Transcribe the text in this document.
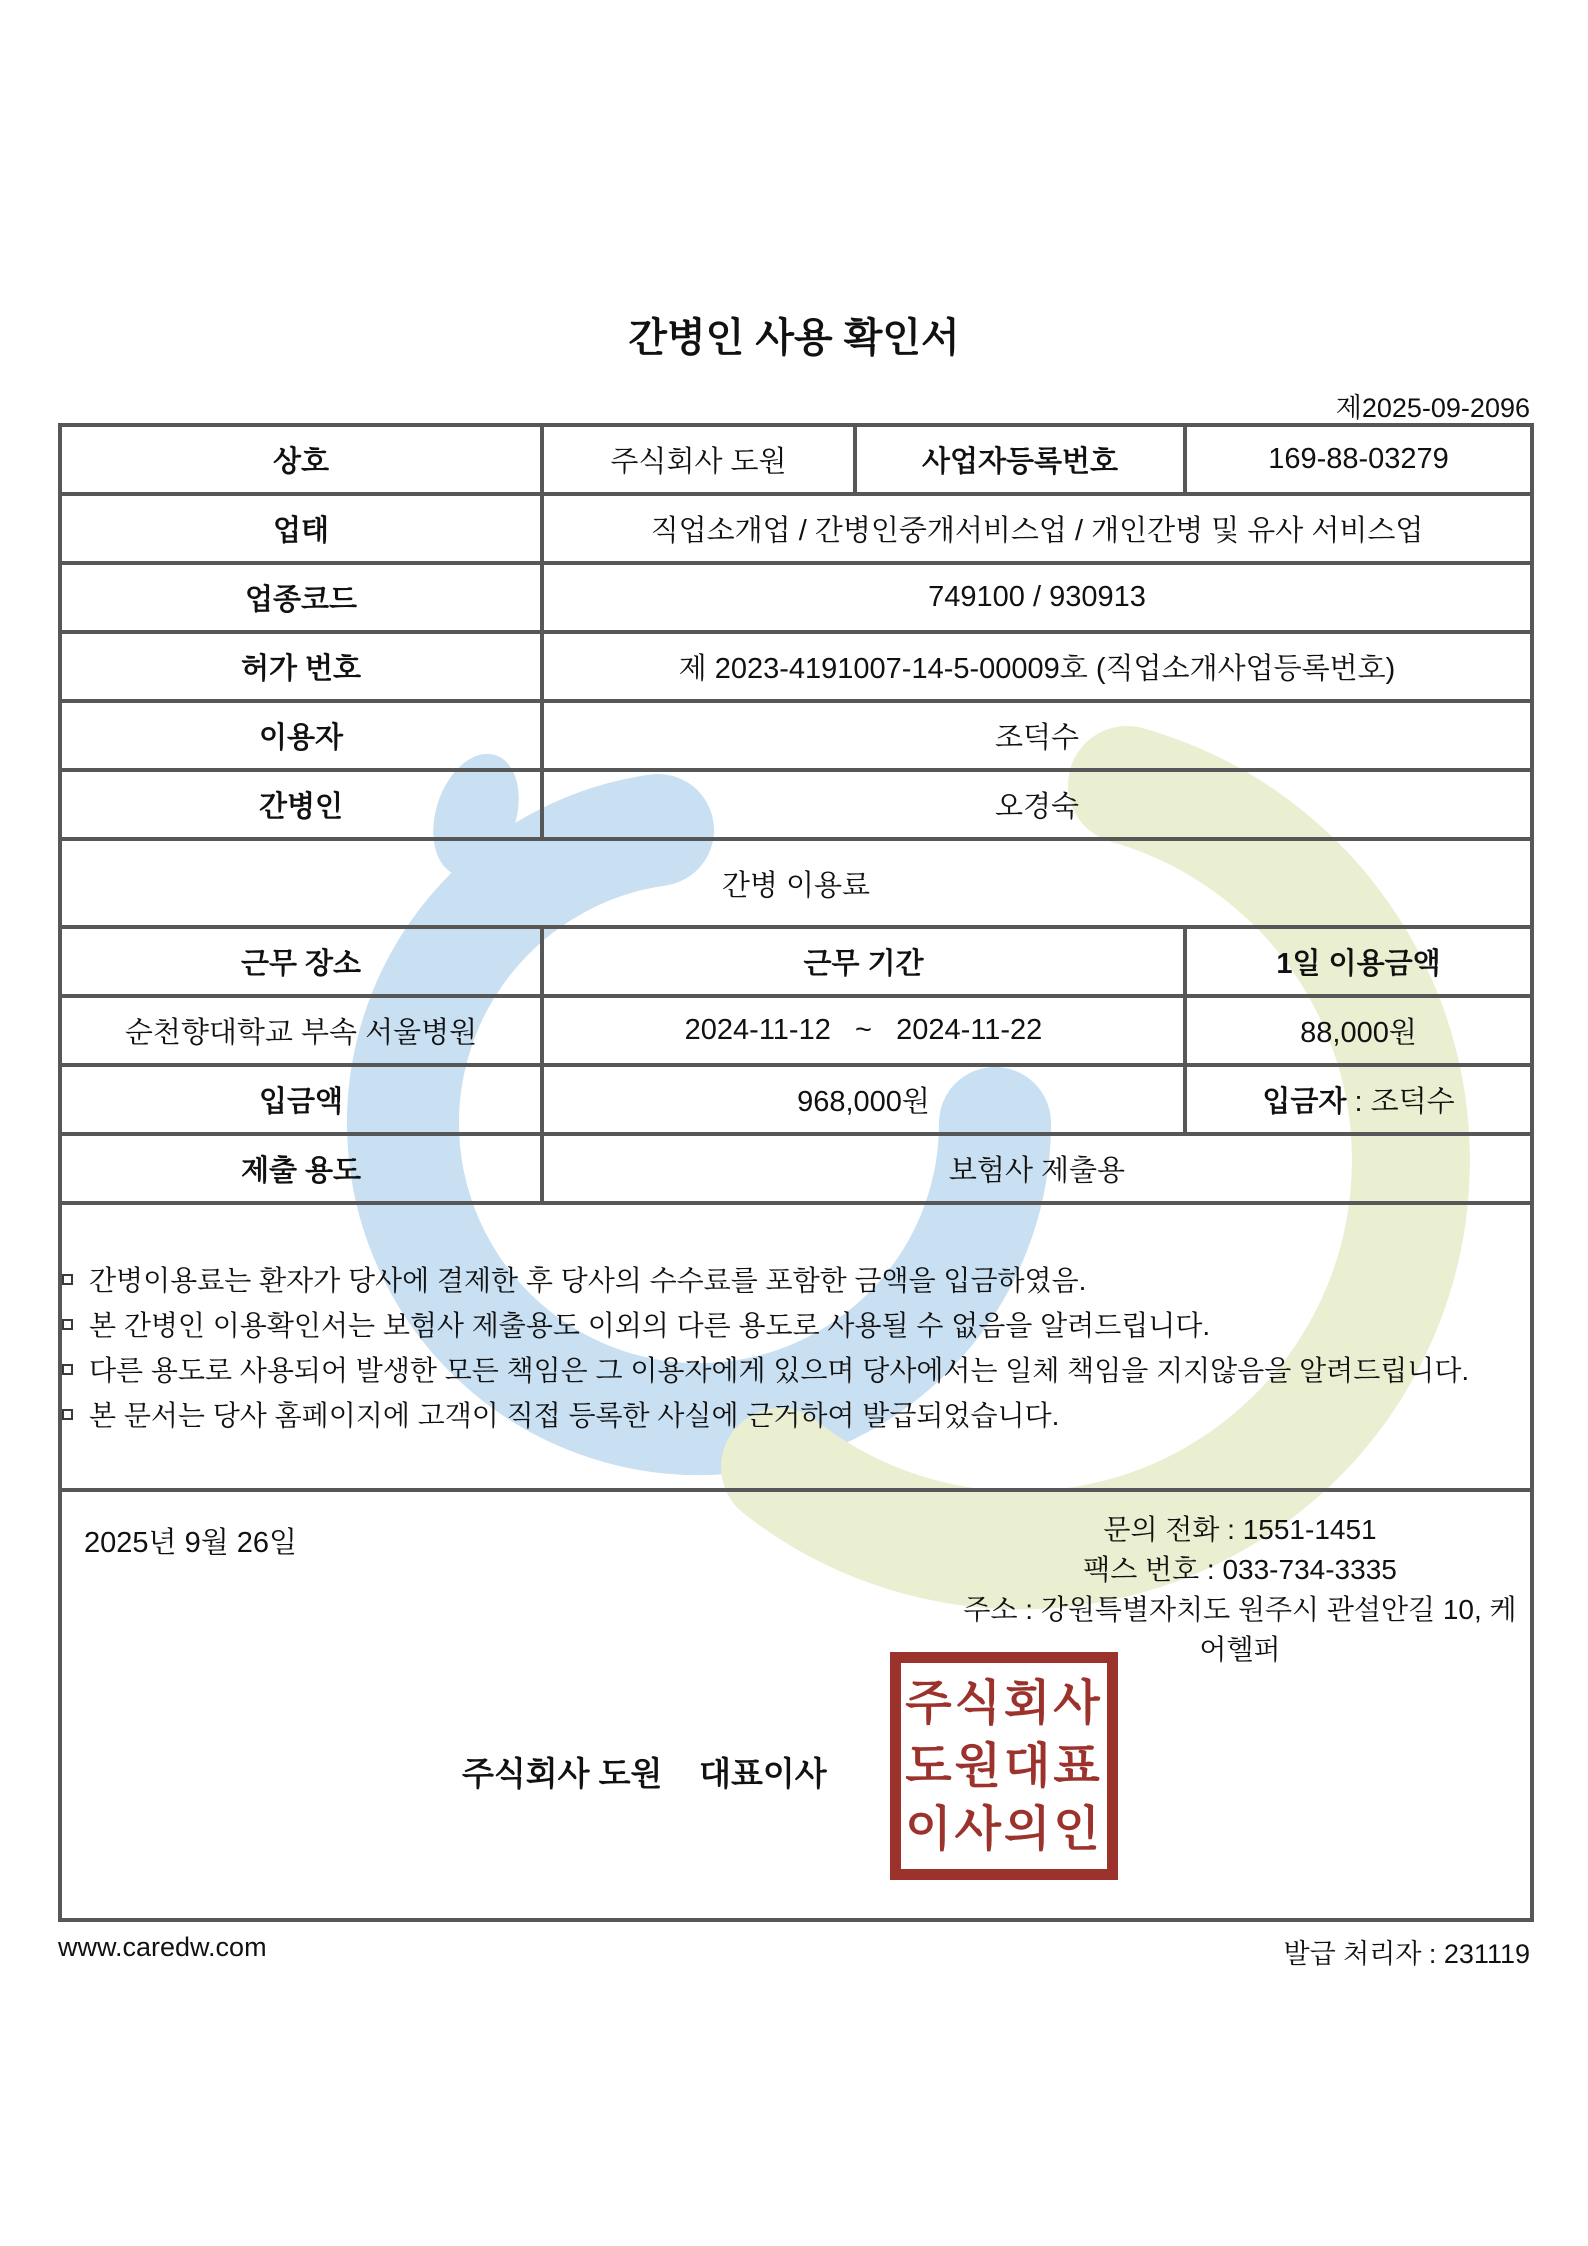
간병인 사용 확인서
제2025-09-2096
상호	주식회사 도원	사업자등록번호	169-88-03279
업태	직업소개업 / 간병인중개서비스업 / 개인간병 및 유사 서비스업		
업종코드	749100 / 930913		
허가 번호	제 2023-4191007-14-5-00009호 (직업소개사업등록번호)		
이용자	조덕수		
간병인	오경숙		
간병 이용료			
근무 장소	근무 기간		1일 이용금액
순천향대학교 부속 서울병원	2024-11-12   ~   2024-11-22		88,000원
입금액	968,000원		입금자 : 조덕수
제출 용도	보험사 제출용		

간병이용료는 환자가 당사에 결제한 후 당사의 수수료를 포함한 금액을 입금하였음.
본 간병인 이용확인서는 보험사 제출용도 이외의 다른 용도로 사용될 수 없음을 알려드립니다.
다른 용도로 사용되어 발생한 모든 책임은 그 이용자에게 있으며 당사에서는 일체 책임을 지지않음을 알려드립니다.
본 문서는 당사 홈페이지에 고객이 직접 등록한 사실에 근거하여 발급되었습니다.			

2025년 9월 26일	문의 전화 : 1551-1451
팩스 번호 : 033-734-3335
주소 : 강원특별자치도 원주시 관설안길 10, 케어헬퍼
주식회사 도원    대표이사
주식회사
도원대표
이사의인
www.caredw.com	발급 처리자 : 231119
